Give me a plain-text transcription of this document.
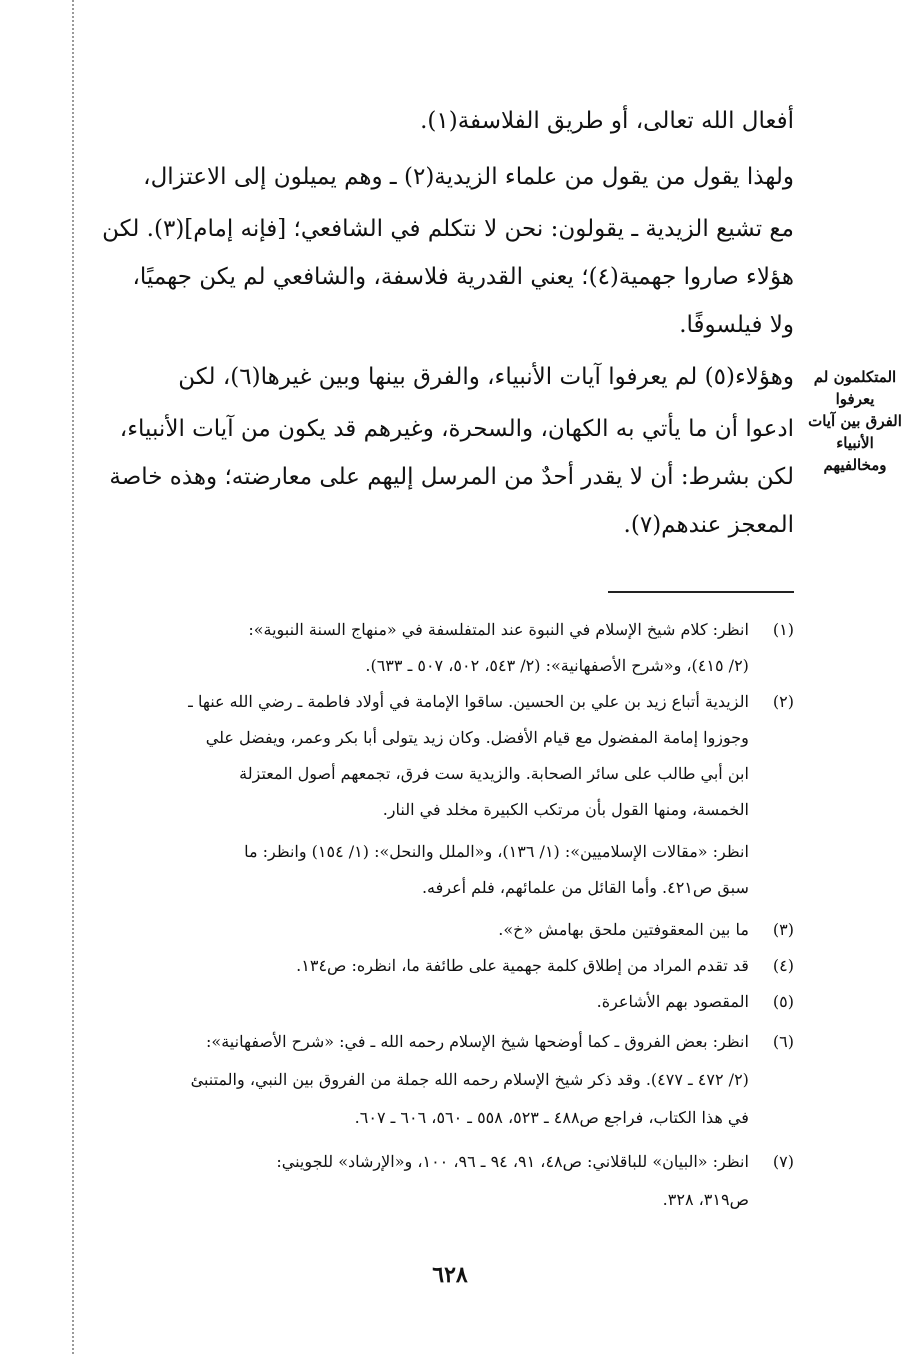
أفعال الله تعالى، أو طريق الفلاسفة(١).
ولهذا يقول من يقول من علماء الزيدية(٢) ـ وهم يميلون إلى الاعتزال،
مع تشيع الزيدية ـ يقولون: نحن لا نتكلم في الشافعي؛ [فإنه إمام](٣). لكن
هؤلاء صاروا جهمية(٤)؛ يعني القدرية فلاسفة، والشافعي لم يكن جهميًا،
ولا فيلسوفًا.
وهؤلاء(٥) لم يعرفوا آيات الأنبياء، والفرق بينها وبين غيرها(٦)، لكن
ادعوا أن ما يأتي به الكهان، والسحرة، وغيرهم قد يكون من آيات الأنبياء،
لكن بشرط: أن لا يقدر أحدٌ من المرسل إليهم على معارضته؛ وهذه خاصة
المعجز عندهم(٧).
المتكلمون لم يعرفوا
الفرق بين آيات
الأنبياء ومخالفيهم
(١) انظر: كلام شيخ الإسلام في النبوة عند المتفلسفة في «منهاج السنة النبوية»:
(٢/ ٤١٥)، و«شرح الأصفهانية»: (٢/ ٥٤٣، ٥٠٢، ٥٠٧ ـ ٦٣٣).
(٢) الزيدية أتباع زيد بن علي بن الحسين. ساقوا الإمامة في أولاد فاطمة ـ رضي الله عنها ـ
وجوزوا إمامة المفضول مع قيام الأفضل. وكان زيد يتولى أبا بكر وعمر، ويفضل علي
ابن أبي طالب على سائر الصحابة. والزيدية ست فرق، تجمعهم أصول المعتزلة
الخمسة، ومنها القول بأن مرتكب الكبيرة مخلد في النار.
انظر: «مقالات الإسلاميين»: (١/ ١٣٦)، و«الملل والنحل»: (١/ ١٥٤) وانظر: ما
سبق ص٤٢١. وأما القائل من علمائهم، فلم أعرفه.
(٣) ما بين المعقوفتين ملحق بهامش «خ».
(٤) قد تقدم المراد من إطلاق كلمة جهمية على طائفة ما، انظره: ص١٣٤.
(٥) المقصود بهم الأشاعرة.
(٦) انظر: بعض الفروق ـ كما أوضحها شيخ الإسلام رحمه الله ـ في: «شرح الأصفهانية»:
(٢/ ٤٧٢ ـ ٤٧٧). وقد ذكر شيخ الإسلام رحمه الله جملة من الفروق بين النبي، والمتنبئ
في هذا الكتاب، فراجع ص٤٨٨ ـ ٥٢٣، ٥٥٨ ـ ٥٦٠، ٦٠٦ ـ ٦٠٧.
(٧) انظر: «البيان» للباقلاني: ص٤٨، ٩١، ٩٤ ـ ٩٦، ١٠٠، و«الإرشاد» للجويني:
ص٣١٩، ٣٢٨.
٦٢٨
